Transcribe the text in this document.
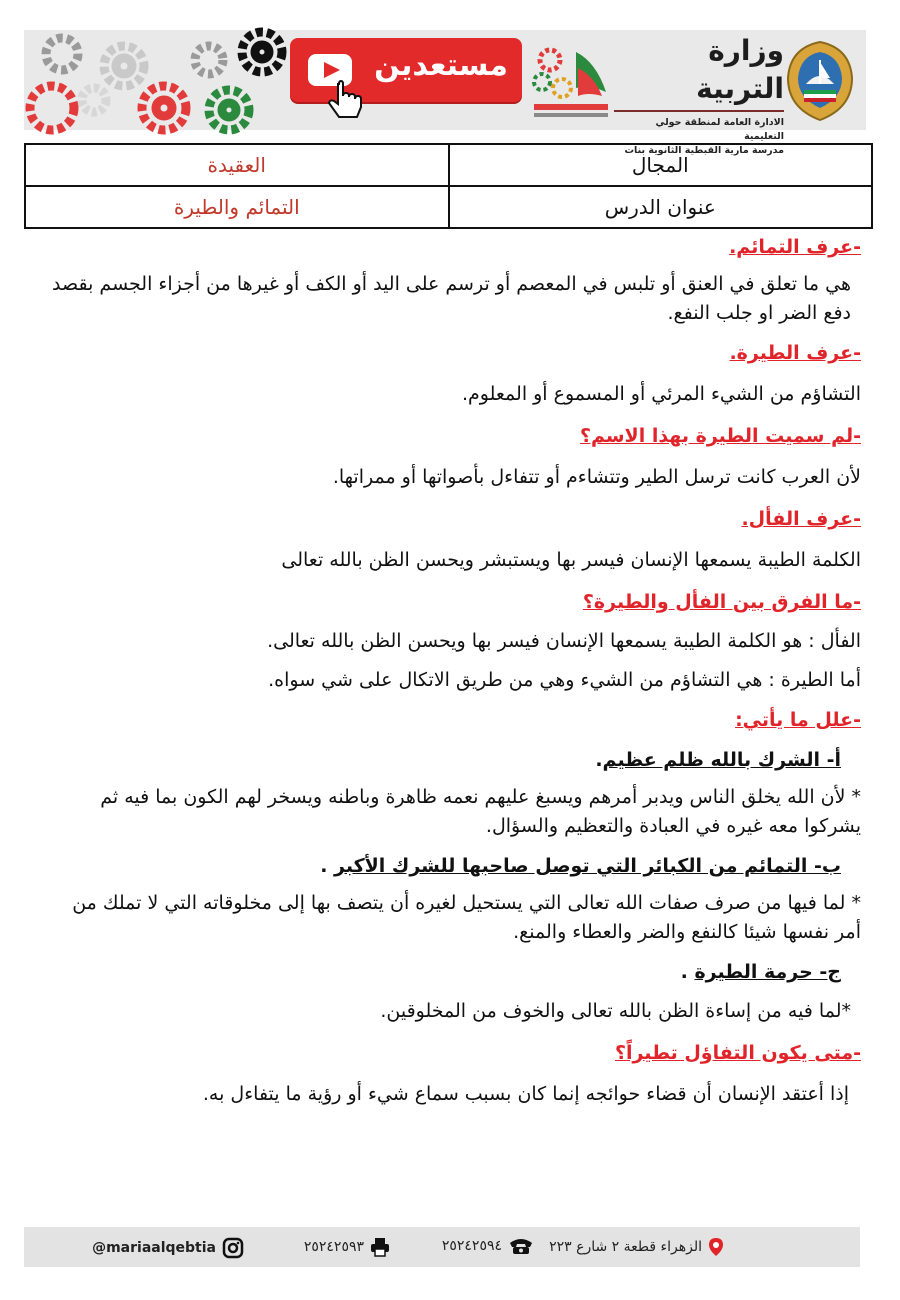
مستعدين	وزارة التربية
الادارة العامة لمنطقة حولي التعليمية
مدرسة مارية القبطية الثانوية بنات
المجال	العقيدة
عنوان الدرس	التمائم والطيرة

-عرف التمائم.

هي ما تعلق في العنق أو تلبس في المعصم أو ترسم على اليد أو الكف أو غيرها من أجزاء الجسم بقصد دفع الضر او جلب النفع.

-عرف الطيرة.

التشاؤم من الشيء المرئي أو المسموع أو المعلوم.

-لم سميت الطيرة بهذا الاسم؟

لأن العرب كانت ترسل الطير وتتشاءم أو تتفاءل بأصواتها أو ممراتها.

-عرف الفأل.

الكلمة الطيبة يسمعها الإنسان فيسر بها ويستبشر ويحسن الظن بالله تعالى

-ما الفرق بين الفأل والطيرة؟

الفأل : هو الكلمة الطيبة يسمعها الإنسان فيسر بها ويحسن الظن بالله تعالى.

أما الطيرة : هي التشاؤم من الشيء وهي من طريق الاتكال على شي سواه.

-علل ما يأتي:

أ- الشرك بالله ظلم عظيم.

* لأن الله يخلق الناس ويدبر أمرهم ويسبغ عليهم نعمه ظاهرة وباطنه ويسخر لهم الكون بما فيه ثم يشركوا معه غيره في العبادة والتعظيم والسؤال.

ب- التمائم من الكبائر التي توصل صاحبها للشرك الأكبر .

* لما فيها من صرف صفات الله تعالى التي يستحيل لغيره أن يتصف بها إلى مخلوقاته التي لا تملك من أمر نفسها شيئا كالنفع والضر والعطاء والمنع.

ج- حرمة الطيرة .

*لما فيه من إساءة الظن بالله تعالى والخوف من المخلوقين.

-متى يكون التفاؤل تطيراً؟

إذا أعتقد الإنسان أن قضاء حوائجه إنما كان بسبب سماع شيء أو رؤية ما يتفاءل به.

الزهراء قطعة ٢ شارع ٢٢٣
٢٥٢٤٢٥٩٤
٢٥٢٤٢٥٩٣
@mariaalqebtia
